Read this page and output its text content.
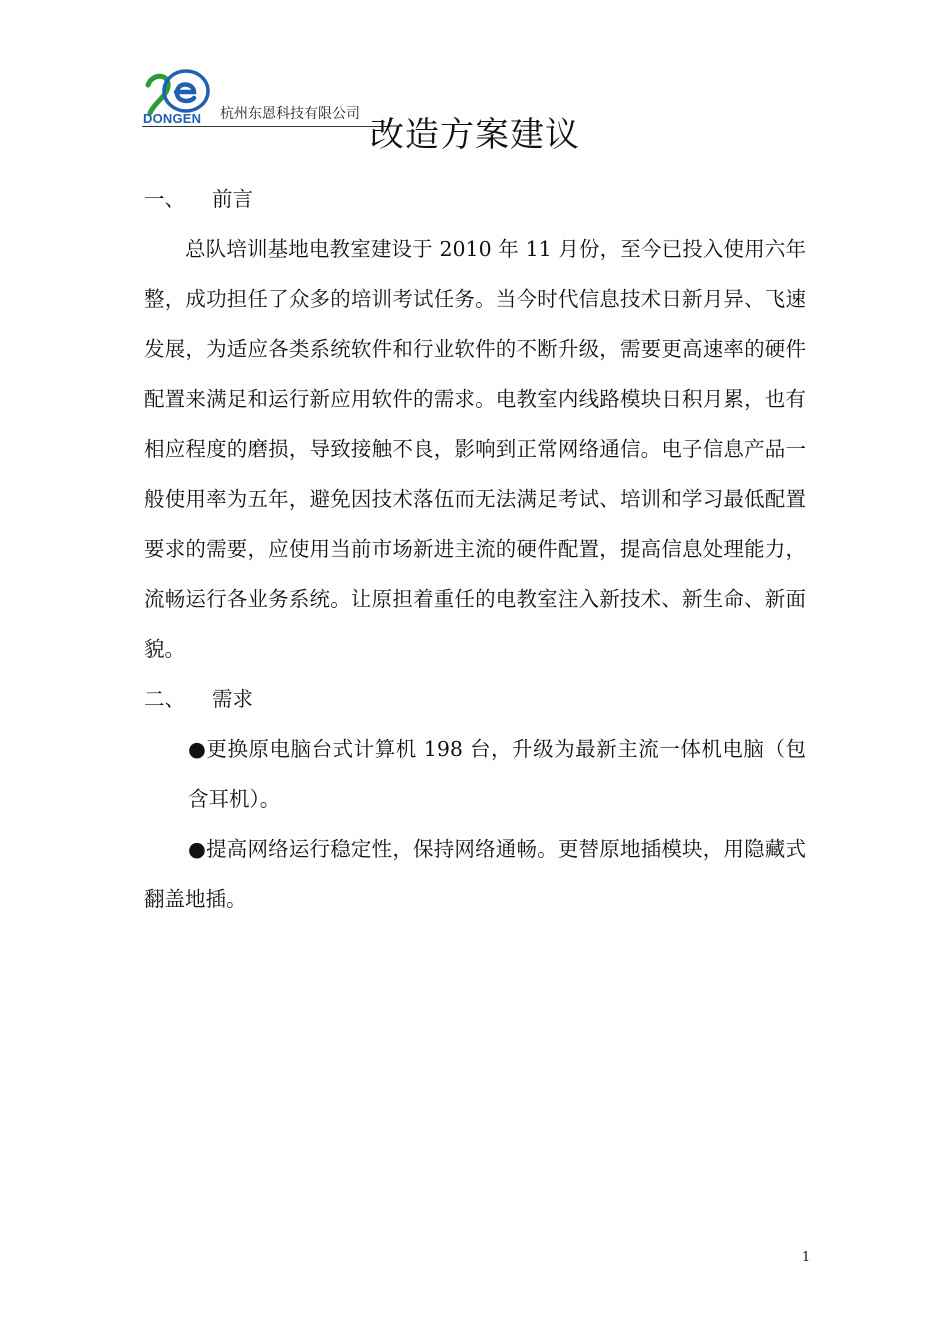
DONGEN 杭州东恩科技有限公司
改造方案建议
一、 前言

总队培训基地电教室建设于 2010 年 11 月份，至今已投入使用六年整，成功担任了众多的培训考试任务。当今时代信息技术日新月异、飞速发展，为适应各类系统软件和行业软件的不断升级，需要更高速率的硬件配置来满足和运行新应用软件的需求。电教室内线路模块日积月累，也有相应程度的磨损，导致接触不良，影响到正常网络通信。电子信息产品一般使用率为五年，避免因技术落伍而无法满足考试、培训和学习最低配置要求的需要，应使用当前市场新进主流的硬件配置，提高信息处理能力，流畅运行各业务系统。让原担着重任的电教室注入新技术、新生命、新面貌。

二、 需求

●更换原电脑台式计算机 198 台，升级为最新主流一体机电脑（包含耳机）。

●提高网络运行稳定性，保持网络通畅。更替原地插模块，用隐藏式翻盖地插。

1
